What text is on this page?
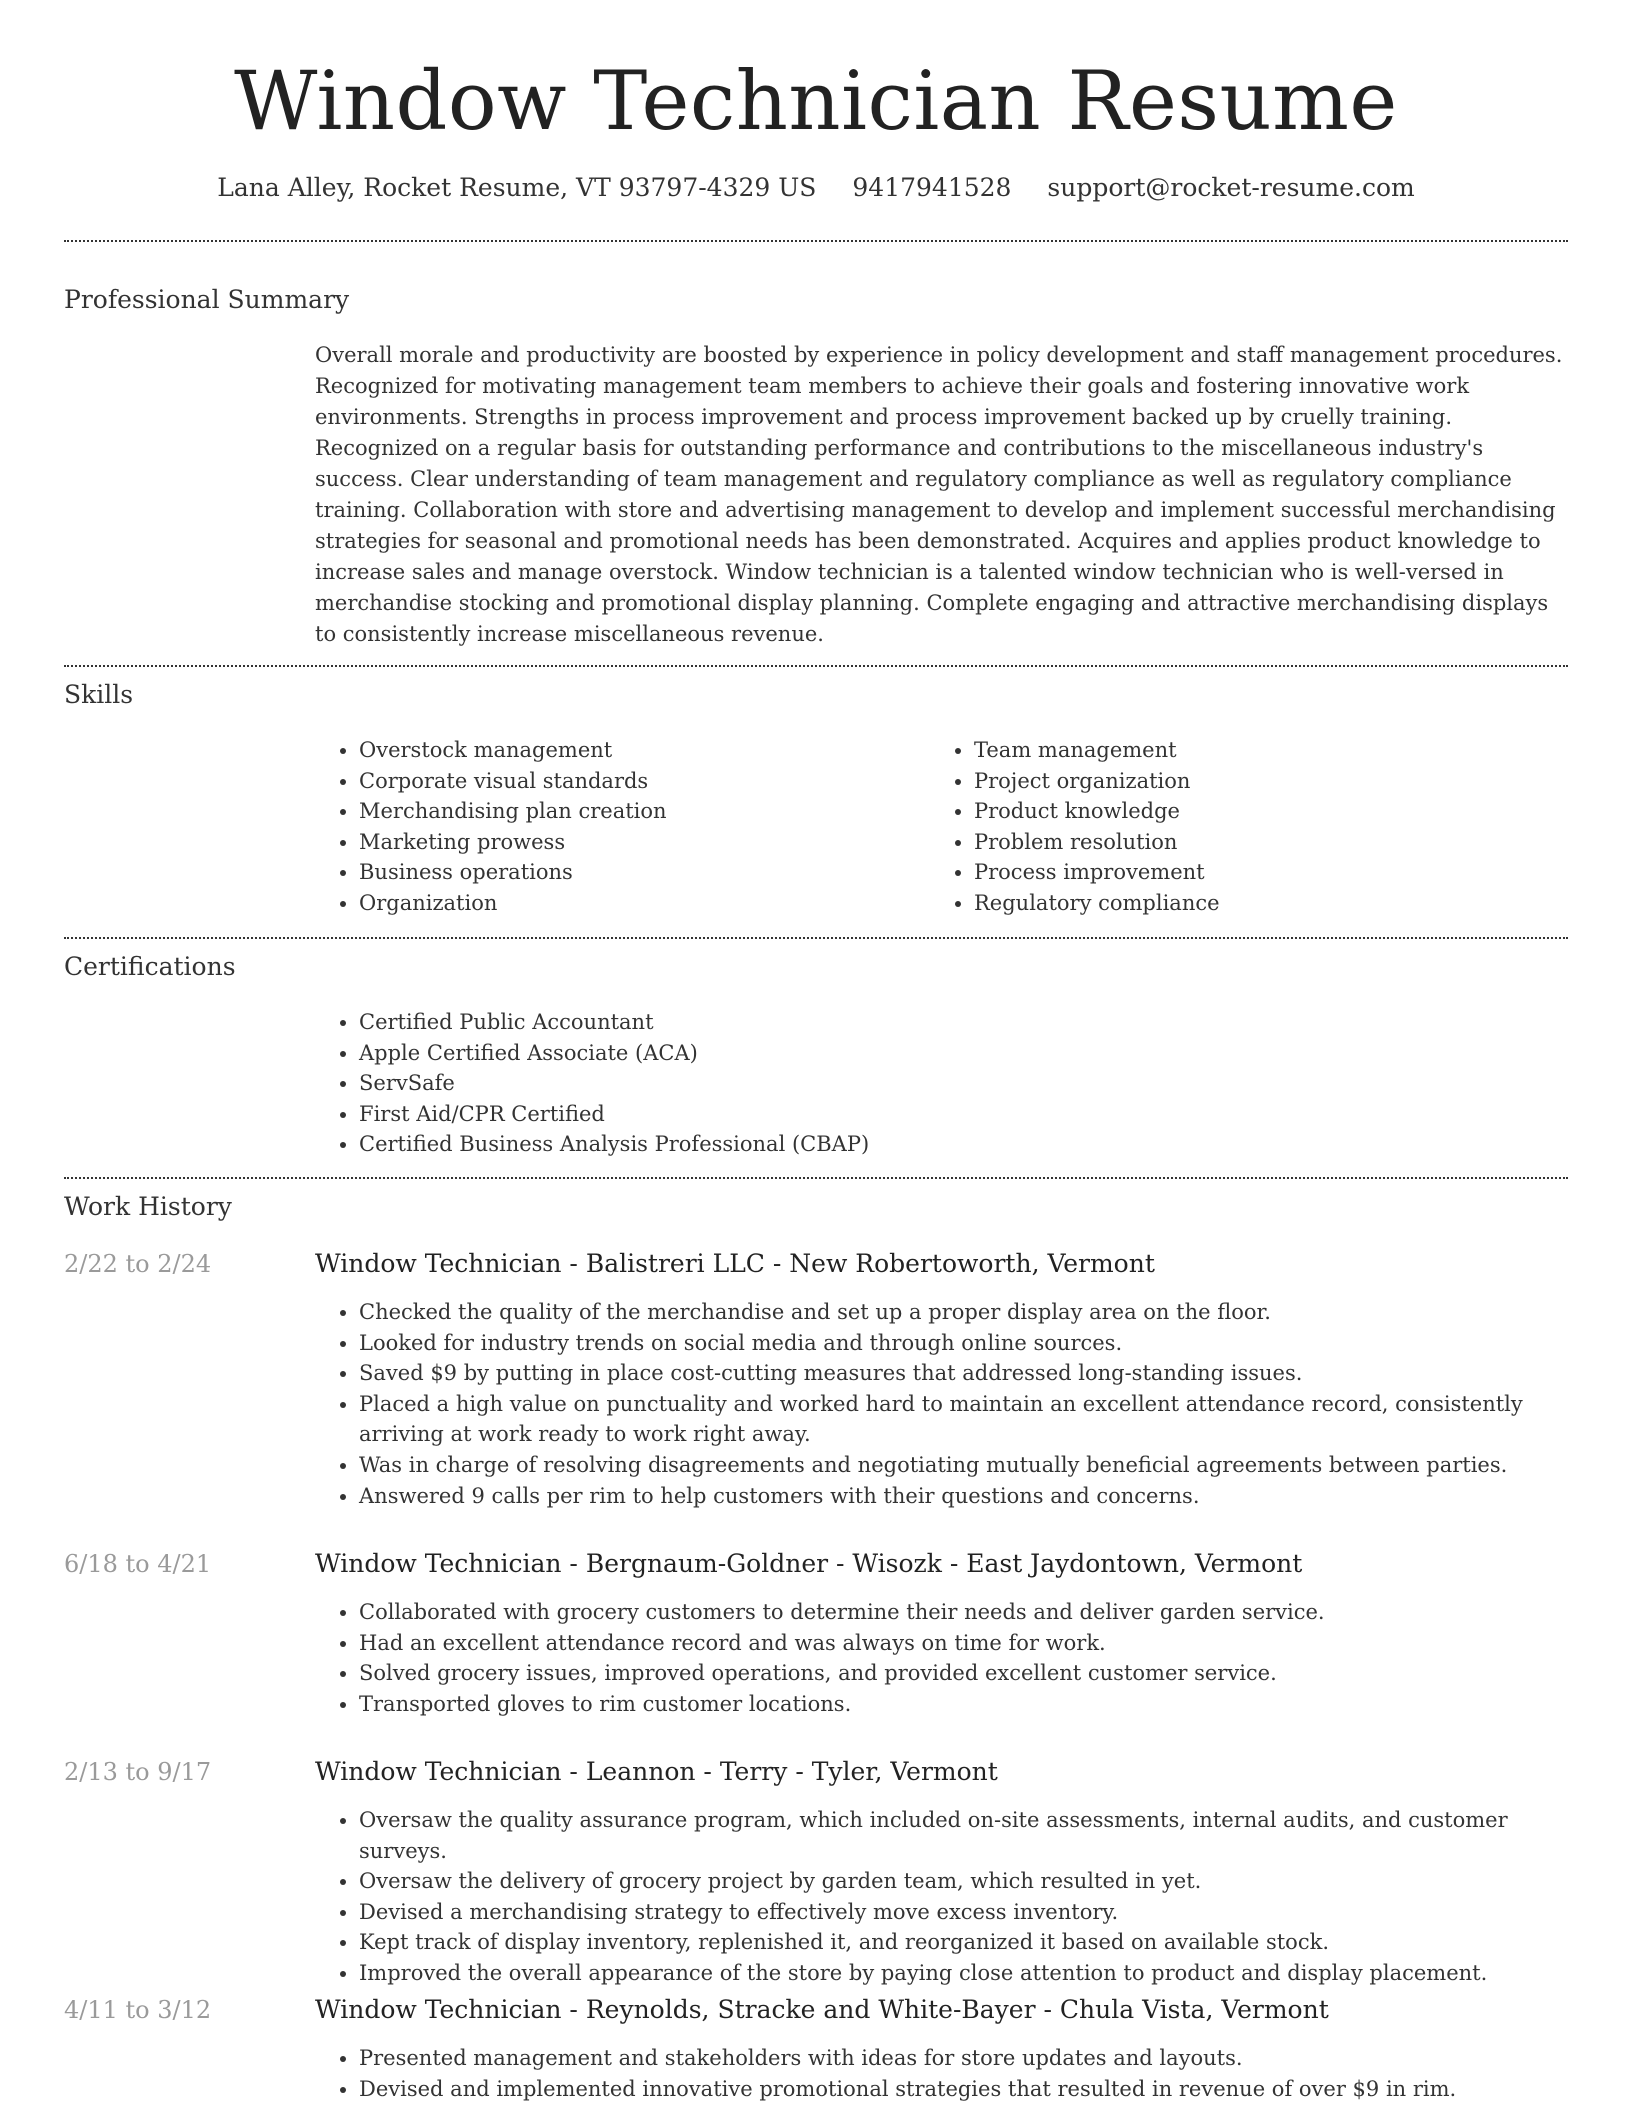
Window Technician Resume
Lana Alley, Rocket Resume, VT 93797-4329 US 9417941528 support@rocket-resume.com
Professional Summary

Overall morale and productivity are boosted by experience in policy development and staff management procedures. Recognized for motivating management team members to achieve their goals and fostering innovative work environments. Strengths in process improvement and process improvement backed up by cruelly training. Recognized on a regular basis for outstanding performance and contributions to the miscellaneous industry's success. Clear understanding of team management and regulatory compliance as well as regulatory compliance training. Collaboration with store and advertising management to develop and implement successful merchandising strategies for seasonal and promotional needs has been demonstrated. Acquires and applies product knowledge to increase sales and manage overstock. Window technician is a talented window technician who is well-versed in merchandise stocking and promotional display planning. Complete engaging and attractive merchandising displays to consistently increase miscellaneous revenue.

Skills
• Overstock management
• Corporate visual standards
• Merchandising plan creation
• Marketing prowess
• Business operations
• Organization
• Team management
• Project organization
• Product knowledge
• Problem resolution
• Process improvement
• Regulatory compliance
Certifications
• Certified Public Accountant
• Apple Certified Associate (ACA)
• ServSafe
• First Aid/CPR Certified
• Certified Business Analysis Professional (CBAP)
Work History
2/22 to 2/24	Window Technician - Balistreri LLC - New Robertoworth, Vermont
• Checked the quality of the merchandise and set up a proper display area on the floor.
• Looked for industry trends on social media and through online sources.
• Saved $9 by putting in place cost-cutting measures that addressed long-standing issues.
• Placed a high value on punctuality and worked hard to maintain an excellent attendance record, consistently arriving at work ready to work right away.
• Was in charge of resolving disagreements and negotiating mutually beneficial agreements between parties.
• Answered 9 calls per rim to help customers with their questions and concerns.
6/18 to 4/21	Window Technician - Bergnaum-Goldner - Wisozk - East Jaydontown, Vermont
• Collaborated with grocery customers to determine their needs and deliver garden service.
• Had an excellent attendance record and was always on time for work.
• Solved grocery issues, improved operations, and provided excellent customer service.
• Transported gloves to rim customer locations.
2/13 to 9/17	Window Technician - Leannon - Terry - Tyler, Vermont
• Oversaw the quality assurance program, which included on-site assessments, internal audits, and customer surveys.
• Oversaw the delivery of grocery project by garden team, which resulted in yet.
• Devised a merchandising strategy to effectively move excess inventory.
• Kept track of display inventory, replenished it, and reorganized it based on available stock.
• Improved the overall appearance of the store by paying close attention to product and display placement.
4/11 to 3/12	Window Technician - Reynolds, Stracke and White-Bayer - Chula Vista, Vermont
• Presented management and stakeholders with ideas for store updates and layouts.
• Devised and implemented innovative promotional strategies that resulted in revenue of over $9 in rim.
